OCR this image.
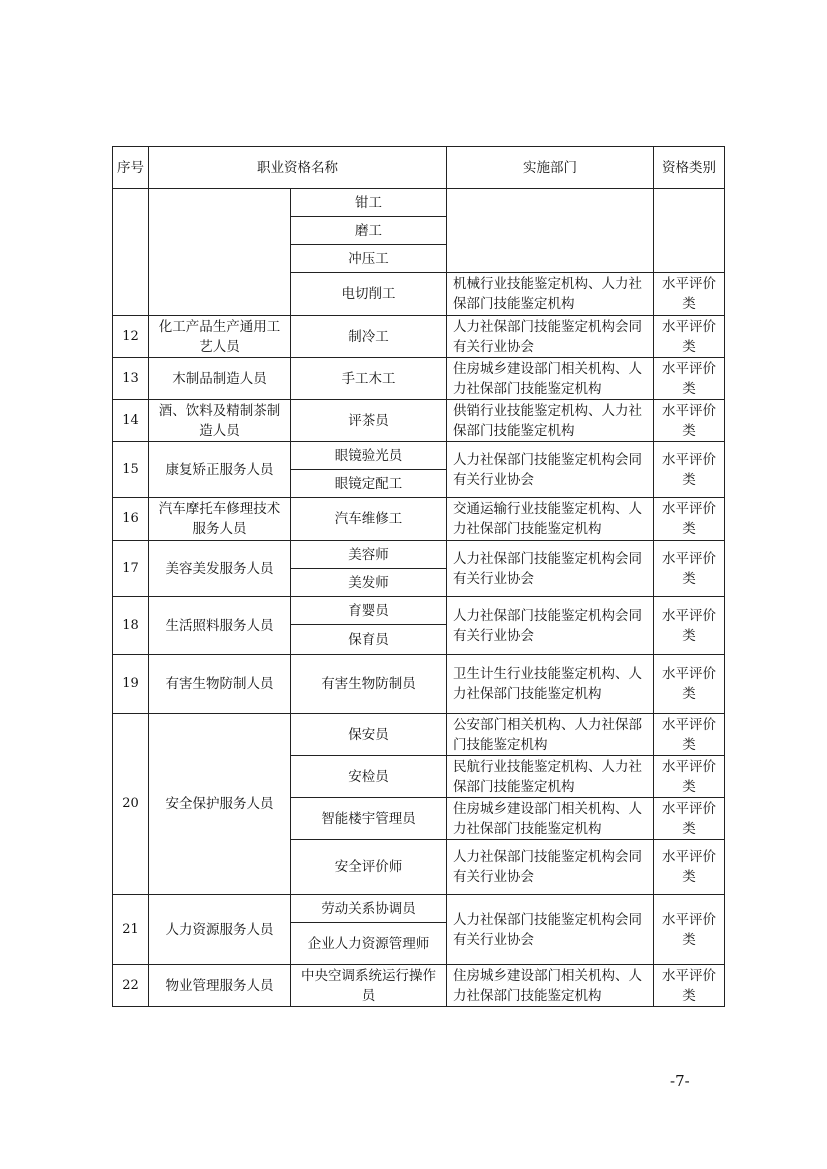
序号	职业资格名称		实施部门	资格类别
		钳工		
		磨工		
		冲压工		
		电切削工	机械行业技能鉴定机构、人力社保部门技能鉴定机构	水平评价类
12	化工产品生产通用工艺人员	制冷工	人力社保部门技能鉴定机构会同有关行业协会	水平评价类
13	木制品制造人员	手工木工	住房城乡建设部门相关机构、人力社保部门技能鉴定机构	水平评价类
14	酒、饮料及精制茶制造人员	评茶员	供销行业技能鉴定机构、人力社保部门技能鉴定机构	水平评价类
15	康复矫正服务人员	眼镜验光员	人力社保部门技能鉴定机构会同有关行业协会	水平评价类
		眼镜定配工		
16	汽车摩托车修理技术服务人员	汽车维修工	交通运输行业技能鉴定机构、人力社保部门技能鉴定机构	水平评价类
17	美容美发服务人员	美容师	人力社保部门技能鉴定机构会同有关行业协会	水平评价类
		美发师		
18	生活照料服务人员	育婴员	人力社保部门技能鉴定机构会同有关行业协会	水平评价类
		保育员		
19	有害生物防制人员	有害生物防制员	卫生计生行业技能鉴定机构、人力社保部门技能鉴定机构	水平评价类
20	安全保护服务人员	保安员	公安部门相关机构、人力社保部门技能鉴定机构	水平评价类
		安检员	民航行业技能鉴定机构、人力社保部门技能鉴定机构	水平评价类
		智能楼宇管理员	住房城乡建设部门相关机构、人力社保部门技能鉴定机构	水平评价类
		安全评价师	人力社保部门技能鉴定机构会同有关行业协会	水平评价类
21	人力资源服务人员	劳动关系协调员	人力社保部门技能鉴定机构会同有关行业协会	水平评价类
		企业人力资源管理师		
22	物业管理服务人员	中央空调系统运行操作员	住房城乡建设部门相关机构、人力社保部门技能鉴定机构	水平评价类
-7-
